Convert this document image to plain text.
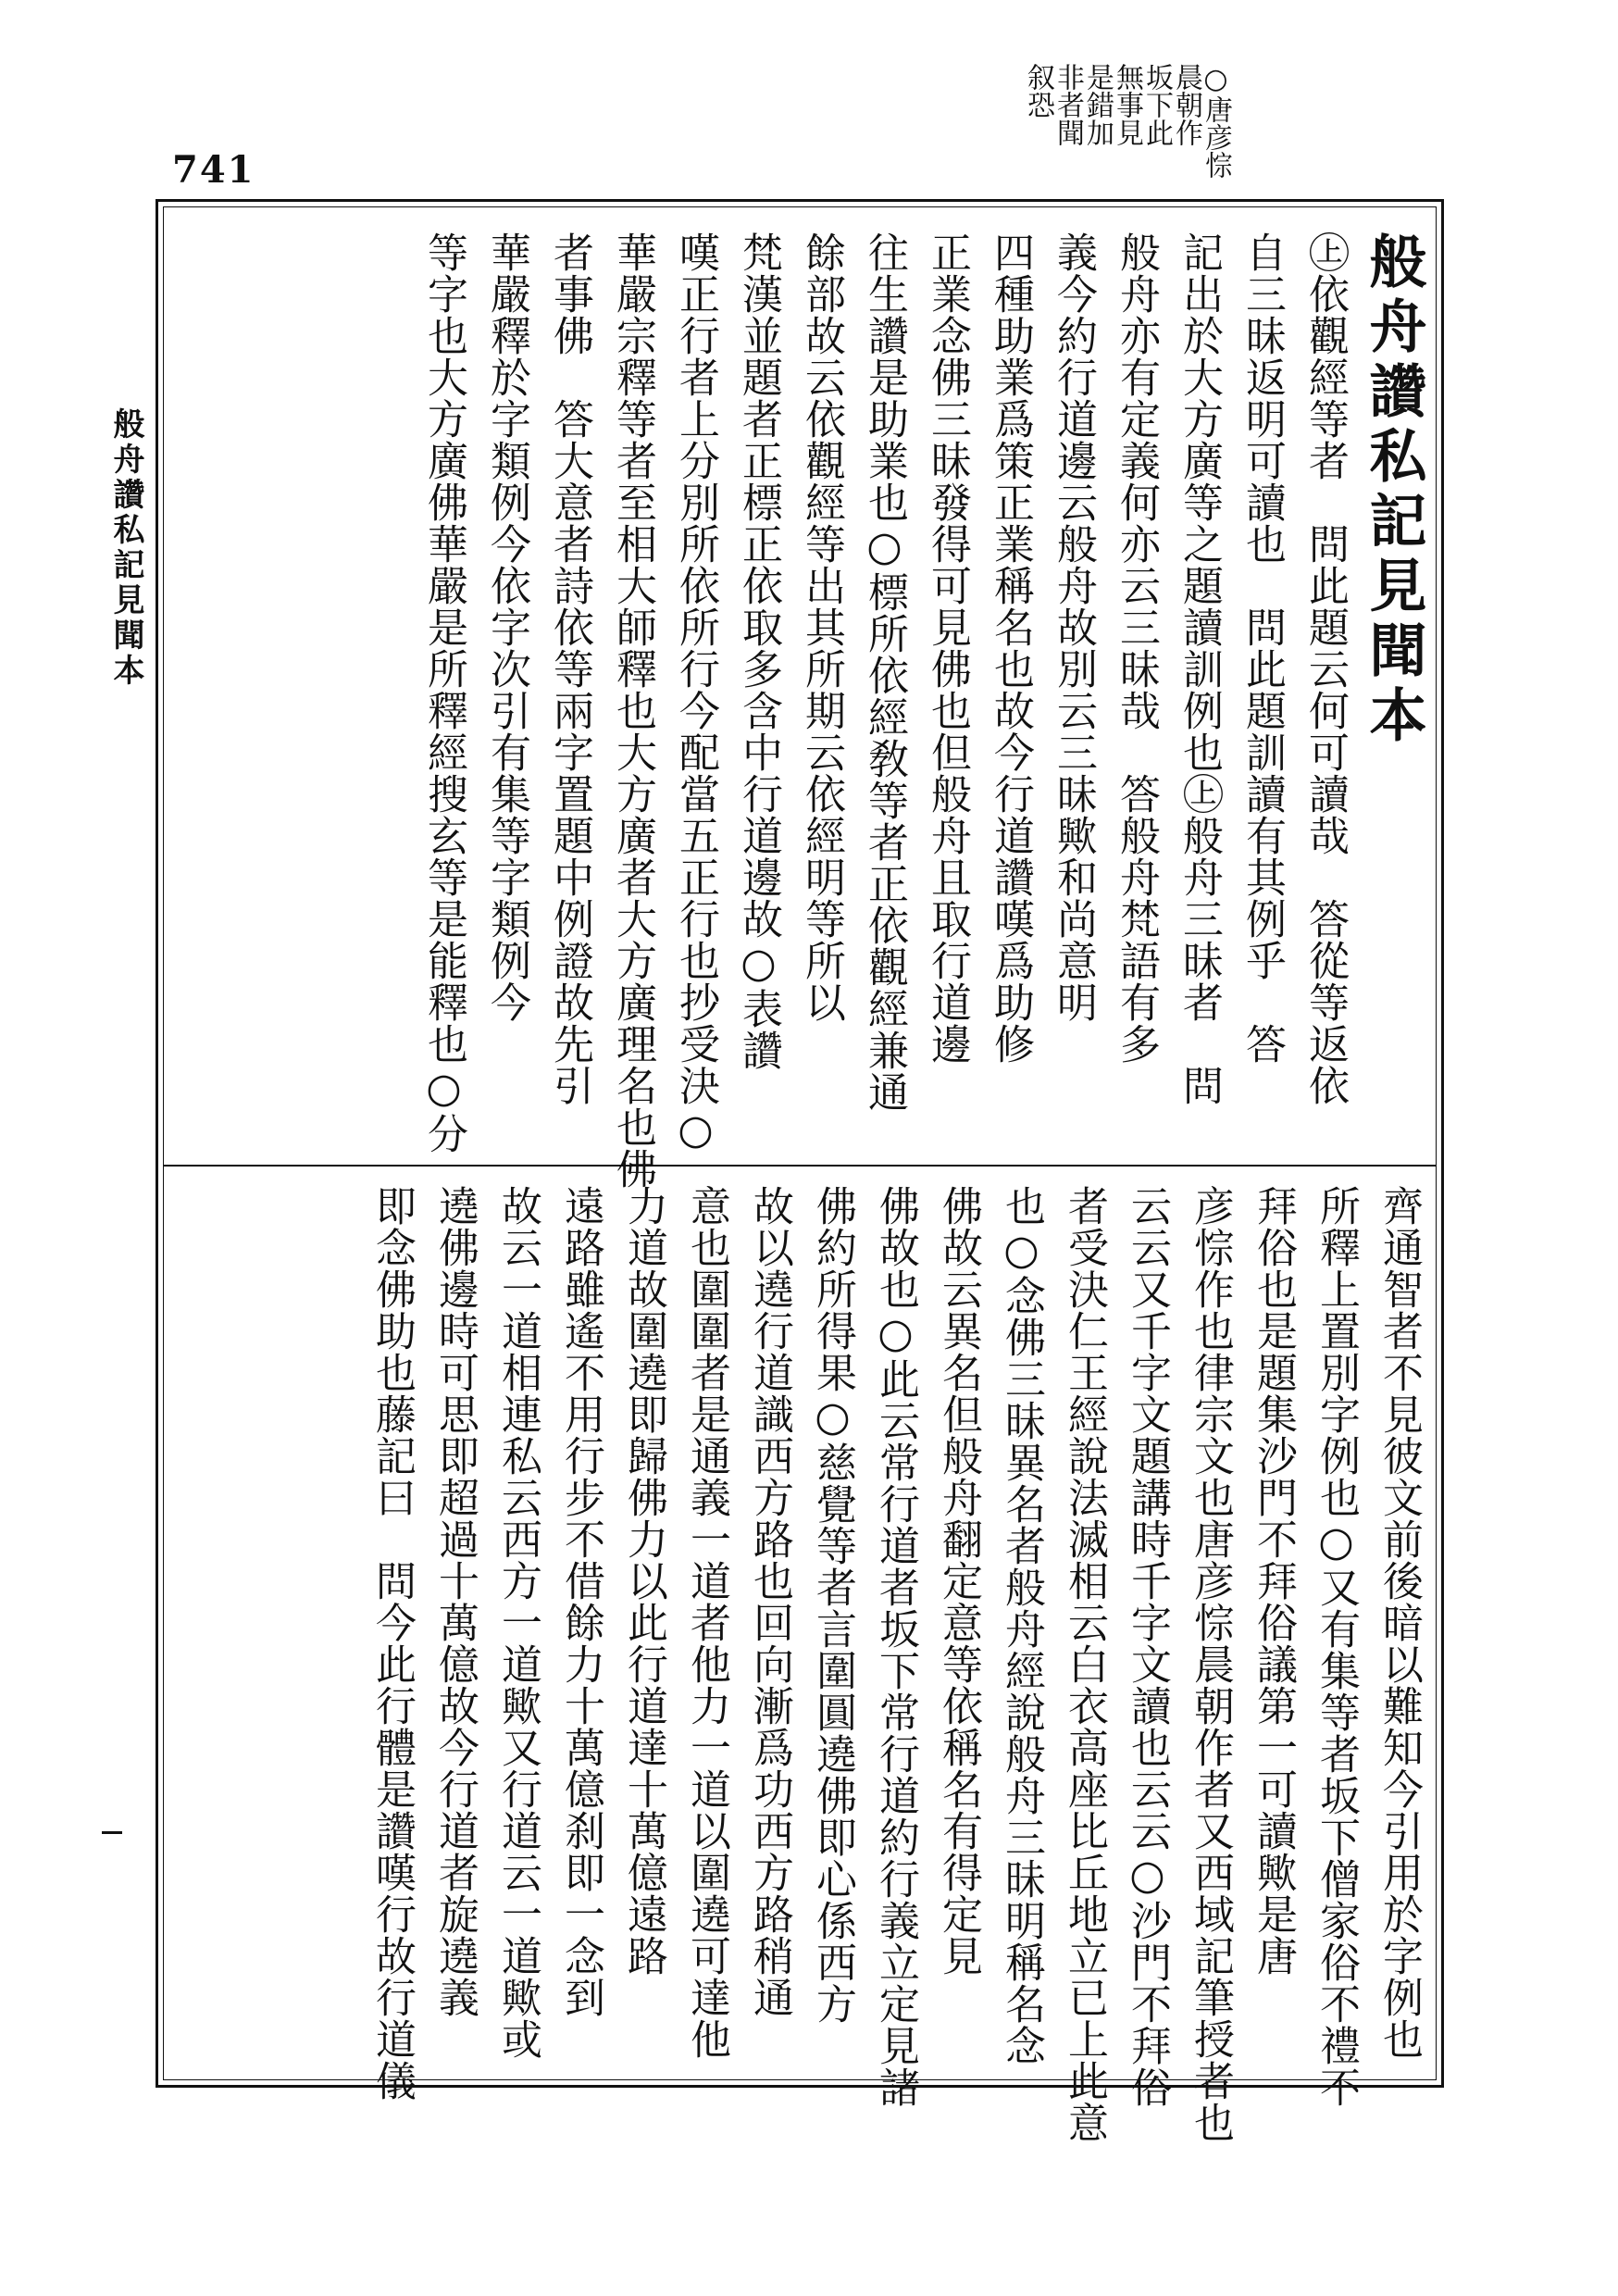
741	○唐彦悰
晨朝作
坂下此
無事見
是錯加
非者聞
叙恐
般舟讚私記見聞本	般舟讚私記見聞本 ㊤依觀經等者　問此題云何可讀哉　答從等返依
自三昧返明可讀也　問此題訓讀有其例乎　答
記出於大方廣等之題讀訓例也㊤般舟三昧者　問
般舟亦有定義何亦云三昧哉　答般舟梵語有多
義今約行道邊云般舟故別云三昧歟和尚意明
四種助業爲策正業稱名也故今行道讚嘆爲助修
正業念佛三昧發得可見佛也但般舟且取行道邊
往生讚是助業也○標所依經敎等者正依觀經兼通
餘部故云依觀經等出其所期云依經明等所以
梵漢並題者正標正依取多含中行道邊故○表讚
嘆正行者上分別所依所行今配當五正行也抄受決○
華嚴宗釋等者至相大師釋也大方廣者大方廣理名也佛
者事佛　答大意者詩依等兩字置題中例證故先引
華嚴釋於字類例今依字次引有集等字類例今
等字也大方廣佛華嚴是所釋經搜玄等是能釋也○分
齊通智者不見彼文前後暗以難知今引用於字例也
所釋上置別字例也○又有集等者坂下僧家俗不禮不
拜俗也是題集沙門不拜俗議第一可讀歟是唐
彦悰作也律宗文也唐彦悰晨朝作者又西域記筆授者也
云云又千字文題講時千字文讀也云云○沙門不拜俗
者受決仁王經說法滅相云白衣高座比丘地立已上此意
也○念佛三昧異名者般舟經說般舟三昧明稱名念
佛故云異名但般舟翻定意等依稱名有得定見
佛故也○此云常行道者坂下常行道約行義立定見諸
佛約所得果○慈覺等者言圍圓遶佛即心係西方
故以遶行道識西方路也回向漸爲功西方路稍通
意也圍圍者是通義一道者他力一道以圍遶可達他
力道故圍遶即歸佛力以此行道達十萬億遠路
遠路雖遙不用行步不借餘力十萬億刹即一念到
故云一道相連私云西方一道歟又行道云一道歟或
遶佛邊時可思即超過十萬億故今行道者旋遶義
即念佛助也藤記曰　問今此行體是讚嘆行故行道儀
